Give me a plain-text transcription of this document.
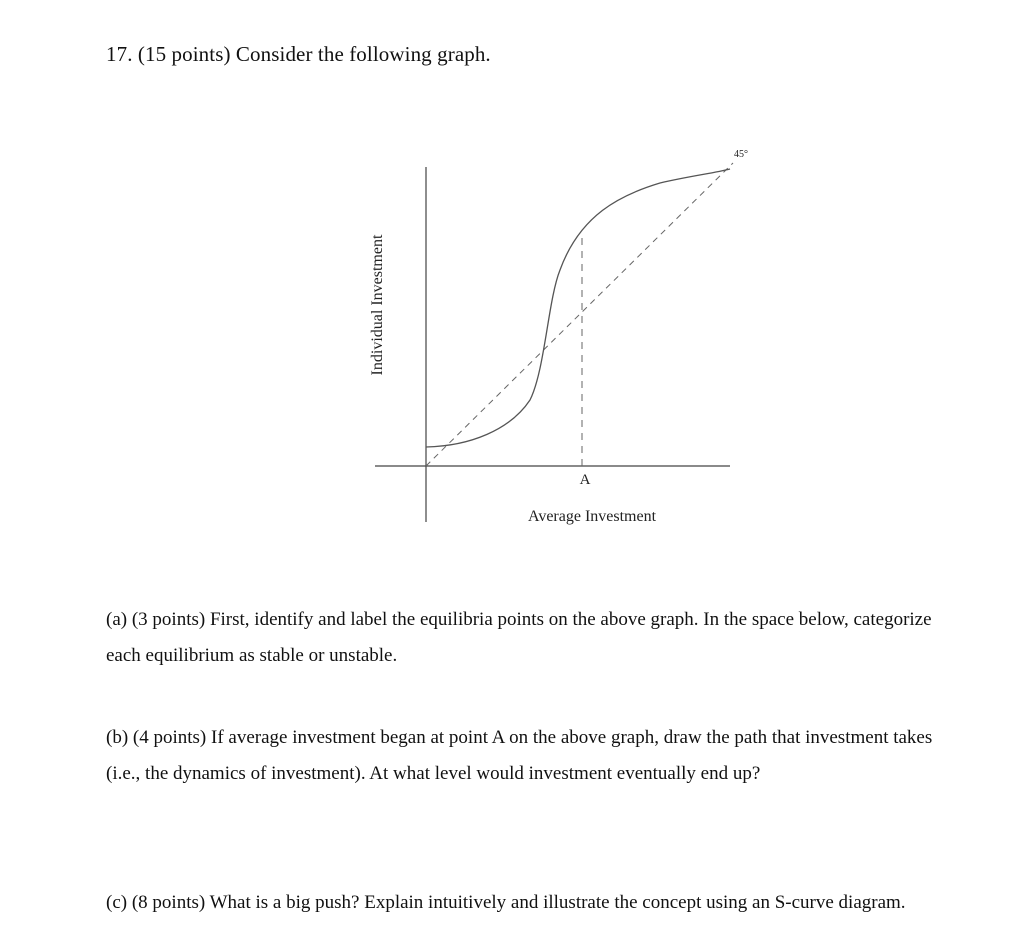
17. (15 points) Consider the following graph.
Individual Investment
Average Investment
A
45°
(a) (3 points) First, identify and label the equilibria points on the above graph. In the space below, categorize each equilibrium as stable or unstable.
(b) (4 points) If average investment began at point A on the above graph, draw the path that investment takes (i.e., the dynamics of investment). At what level would investment eventually end up?
(c) (8 points) What is a big push? Explain intuitively and illustrate the concept using an S-curve diagram.
